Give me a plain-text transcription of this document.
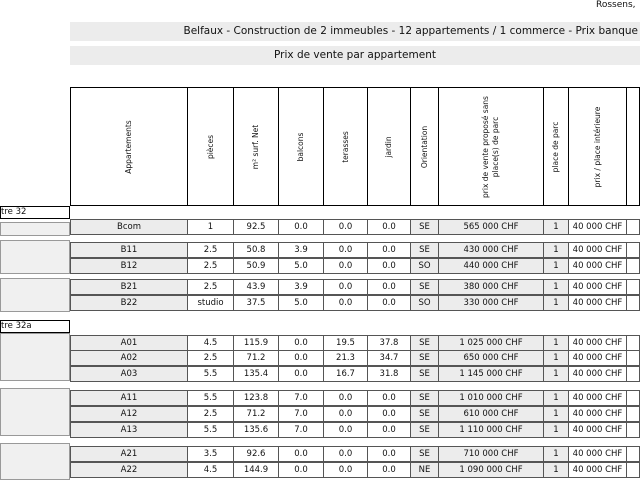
Rossens,
Belfaux - Construction de 2 immeubles - 12 appartements / 1 commerce - Prix banque
Prix de vente par appartement
Appartements	pièces	m² surf. Net	balcons	terasses	jardin	Orientation	prix de vente proposé sans place(s) de parc	place de parc	prix / place intérieure
tre 32
tre 32a
Bcom	1	92.5	0.0	0.0	0.0	SE	565 000 CHF	1	40 000 CHF
B11	2.5	50.8	3.9	0.0	0.0	SE	430 000 CHF	1	40 000 CHF
B12	2.5	50.9	5.0	0.0	0.0	SO	440 000 CHF	1	40 000 CHF
B21	2.5	43.9	3.9	0.0	0.0	SE	380 000 CHF	1	40 000 CHF
B22	studio	37.5	5.0	0.0	0.0	SO	330 000 CHF	1	40 000 CHF
A01	4.5	115.9	0.0	19.5	37.8	SE	1 025 000 CHF	1	40 000 CHF
A02	2.5	71.2	0.0	21.3	34.7	SE	650 000 CHF	1	40 000 CHF
A03	5.5	135.4	0.0	16.7	31.8	SE	1 145 000 CHF	1	40 000 CHF
A11	5.5	123.8	7.0	0.0	0.0	SE	1 010 000 CHF	1	40 000 CHF
A12	2.5	71.2	7.0	0.0	0.0	SE	610 000 CHF	1	40 000 CHF
A13	5.5	135.6	7.0	0.0	0.0	SE	1 110 000 CHF	1	40 000 CHF
A21	3.5	92.6	0.0	0.0	0.0	SE	710 000 CHF	1	40 000 CHF
A22	4.5	144.9	0.0	0.0	0.0	NE	1 090 000 CHF	1	40 000 CHF
